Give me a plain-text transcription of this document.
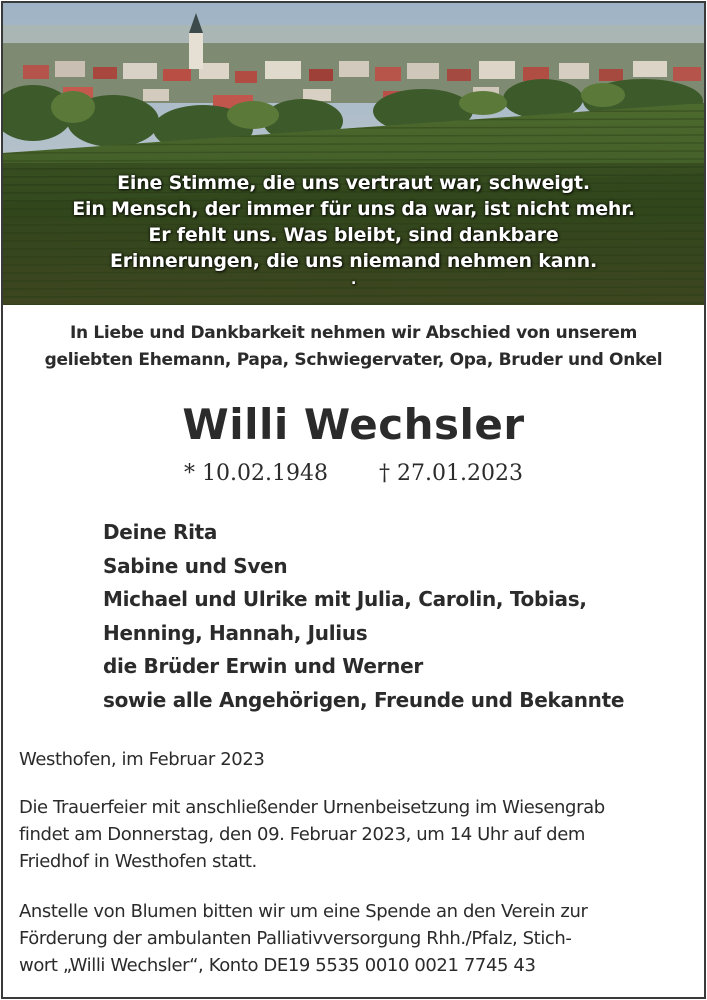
Eine Stimme, die uns vertraut war, schweigt.
Ein Mensch, der immer für uns da war, ist nicht mehr.
Er fehlt uns. Was bleibt, sind dankbare
Erinnerungen, die uns niemand nehmen kann.
.
In Liebe und Dankbarkeit nehmen wir Abschied von unserem
geliebten Ehemann, Papa, Schwiegervater, Opa, Bruder und Onkel
Willi Wechsler
* 10.02.1948 † 27.01.2023
Deine Rita
Sabine und Sven
Michael und Ulrike mit Julia, Carolin, Tobias,
Henning, Hannah, Julius
die Brüder Erwin und Werner
sowie alle Angehörigen, Freunde und Bekannte
Westhofen, im Februar 2023
Die Trauerfeier mit anschließender Urnenbeisetzung im Wiesengrab
findet am Donnerstag, den 09. Februar 2023, um 14 Uhr auf dem
Friedhof in Westhofen statt.
Anstelle von Blumen bitten wir um eine Spende an den Verein zur
Förderung der ambulanten Palliativversorgung Rhh./Pfalz, Stich-
wort „Willi Wechsler“, Konto DE19 5535 0010 0021 7745 43
